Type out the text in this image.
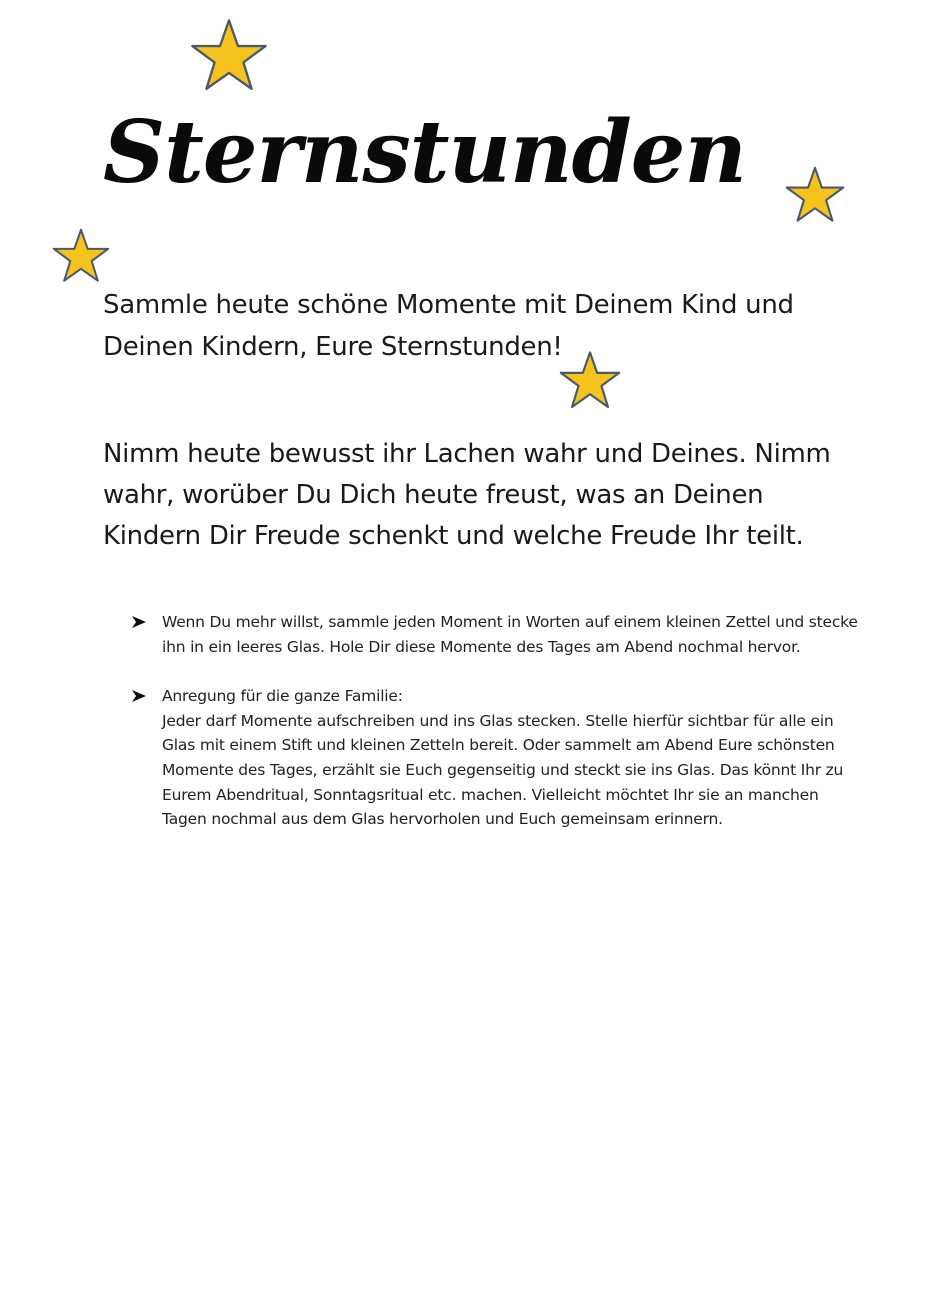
Sternstunden

Sammle heute schöne Momente mit Deinem Kind und Deinen Kindern, Eure Sternstunden!

Nimm heute bewusst ihr Lachen wahr und Deines. Nimm wahr, worüber Du Dich heute freust, was an Deinen Kindern Dir Freude schenkt und welche Freude Ihr teilt.

Wenn Du mehr willst, sammle jeden Moment in Worten auf einem kleinen Zettel und stecke ihn in ein leeres Glas. Hole Dir diese Momente des Tages am Abend nochmal hervor.
Anregung für die ganze Familie:
Jeder darf Momente aufschreiben und ins Glas stecken. Stelle hierfür sichtbar für alle ein Glas mit einem Stift und kleinen Zetteln bereit. Oder sammelt am Abend Eure schönsten Momente des Tages, erzählt sie Euch gegenseitig und steckt sie ins Glas. Das könnt Ihr zu Eurem Abendritual, Sonntagsritual etc. machen. Vielleicht möchtet Ihr sie an manchen Tagen nochmal aus dem Glas hervorholen und Euch gemeinsam erinnern.
